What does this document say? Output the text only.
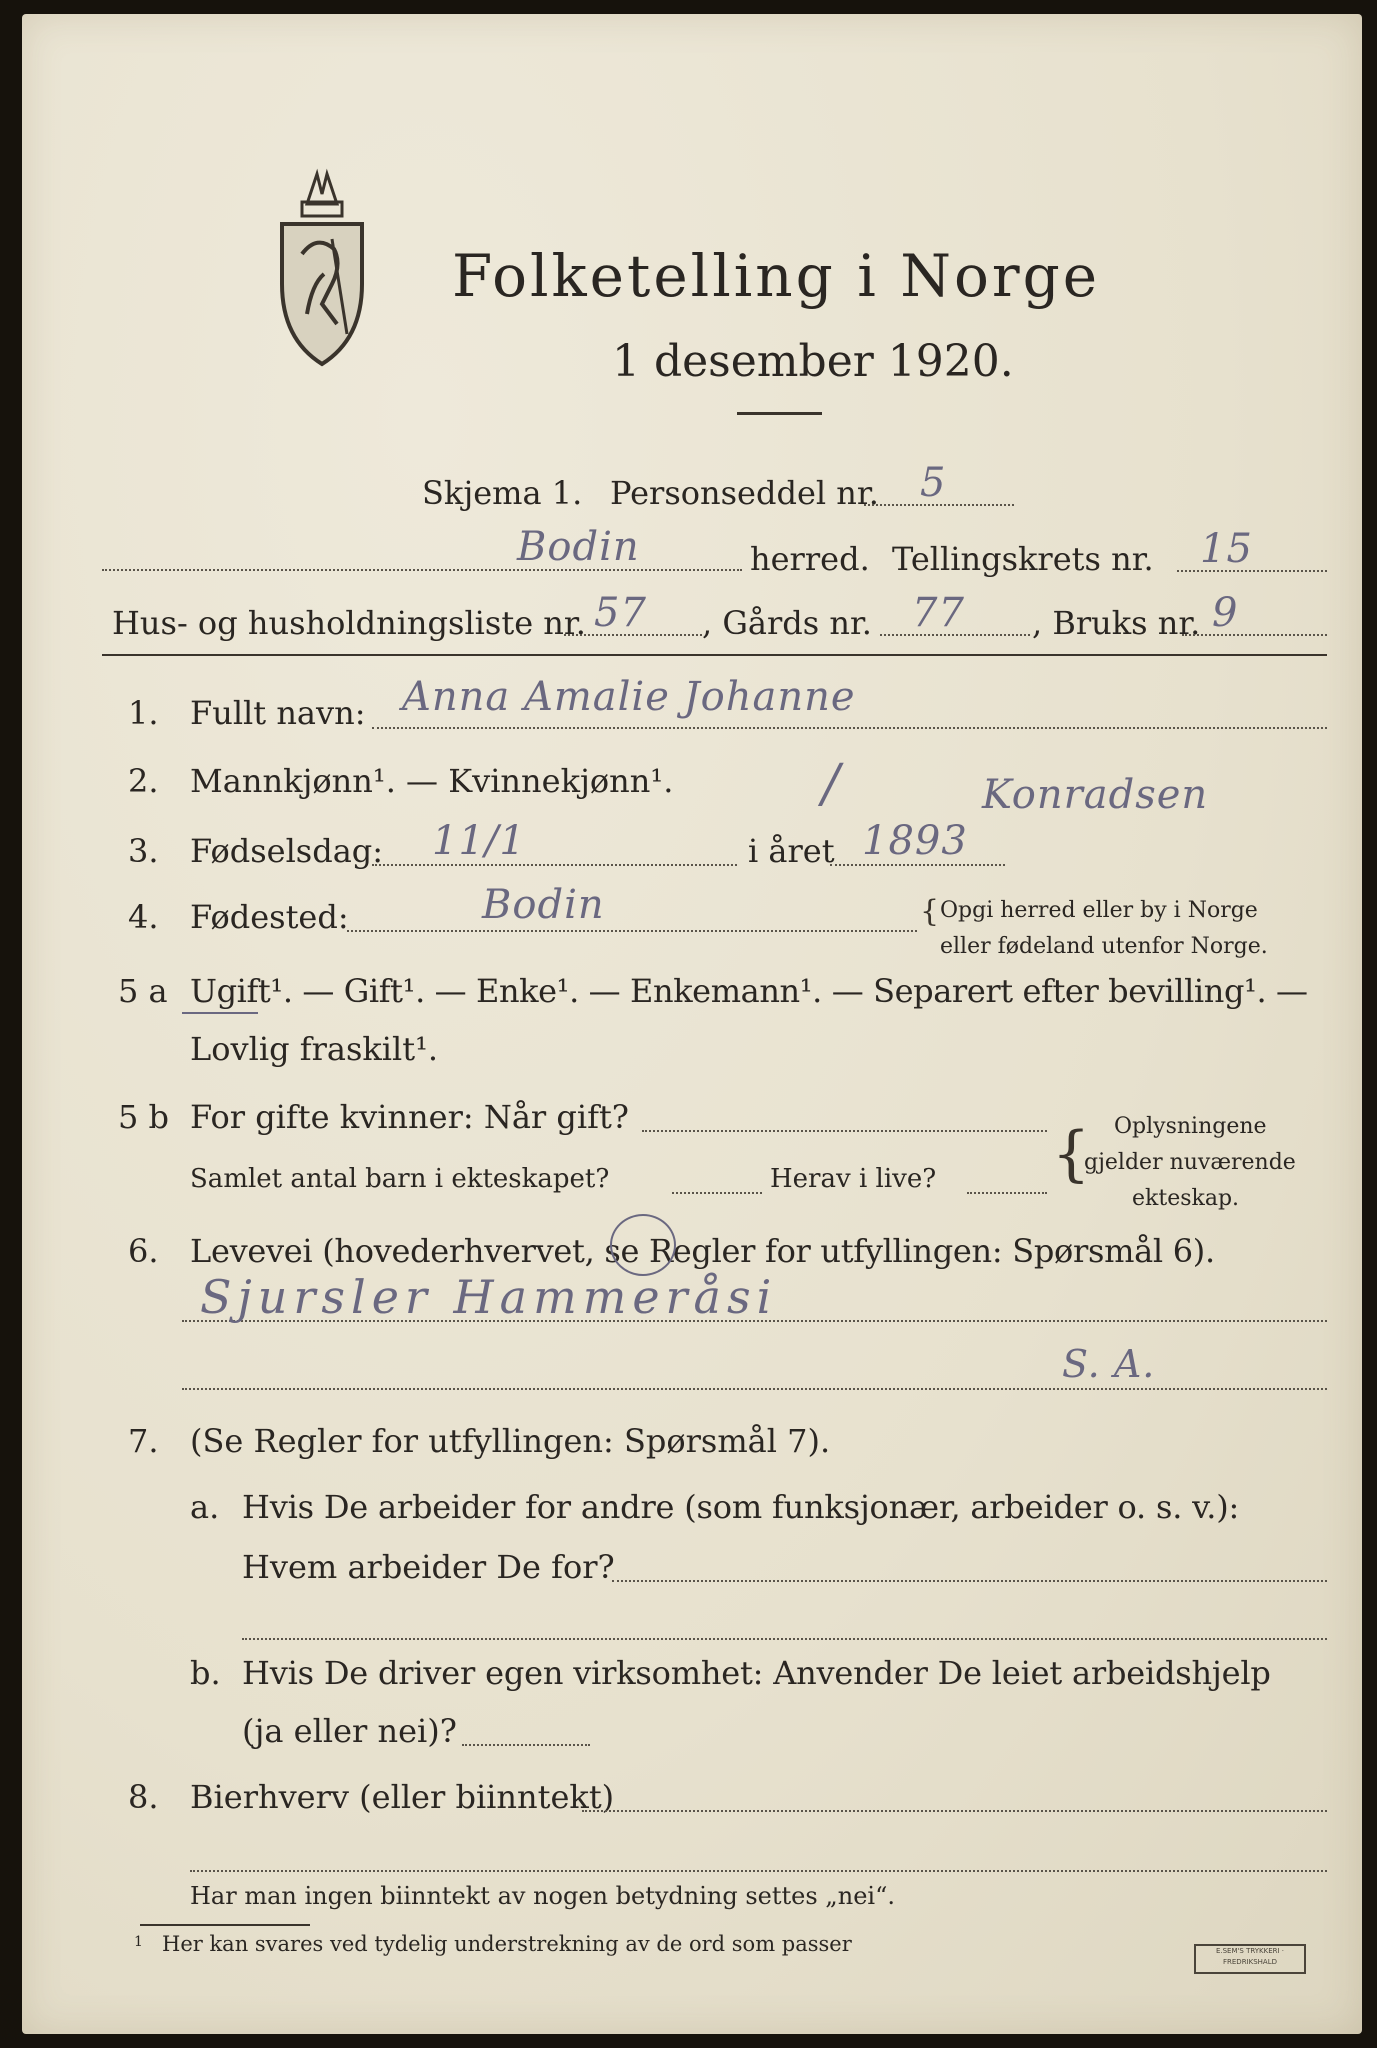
Folketelling i Norge
1 desember 1920.
Skjema 1. Personseddel nr. 5
Bodin	herred. Tellingskrets nr. 15
Hus- og husholdningsliste nr. 57 , Gårds nr. 77 , Bruks nr. 9
1. Fullt navn: Anna Amalie Johanne
2. Mannkjønn¹. — Kvinnekjønn¹.	Konradsen
/
3. Fødselsdag: 11/1	i året 1893
4. Fødested:	Bodin	{ Opgi herred eller by i Norge
eller fødeland utenfor Norge.
5 a Ugift¹. — Gift¹. — Enke¹. — Enkemann¹. — Separert efter bevilling¹. —
Lovlig fraskilt¹.
5 b For gifte kvinner: Når gift?
Samlet antal barn i ekteskapet?	Herav i live? { Oplysningene
gjelder nuværende
ekteskap.
6. Levevei (hovederhvervet, se Regler for utfyllingen: Spørsmål 6).
Sjursler Hammeråsi
S. A.
7. (Se Regler for utfyllingen: Spørsmål 7).
a. Hvis De arbeider for andre (som funksjonær, arbeider o. s. v.):
Hvem arbeider De for?
b. Hvis De driver egen virksomhet: Anvender De leiet arbeidshjelp
(ja eller nei)?
8. Bierhverv (eller biinntekt)
Har man ingen biinntekt av nogen betydning settes „nei“.
1 Her kan svares ved tydelig understrekning av de ord som passer	E.SEM'S TRYKKERI · FREDRIKSHALD
